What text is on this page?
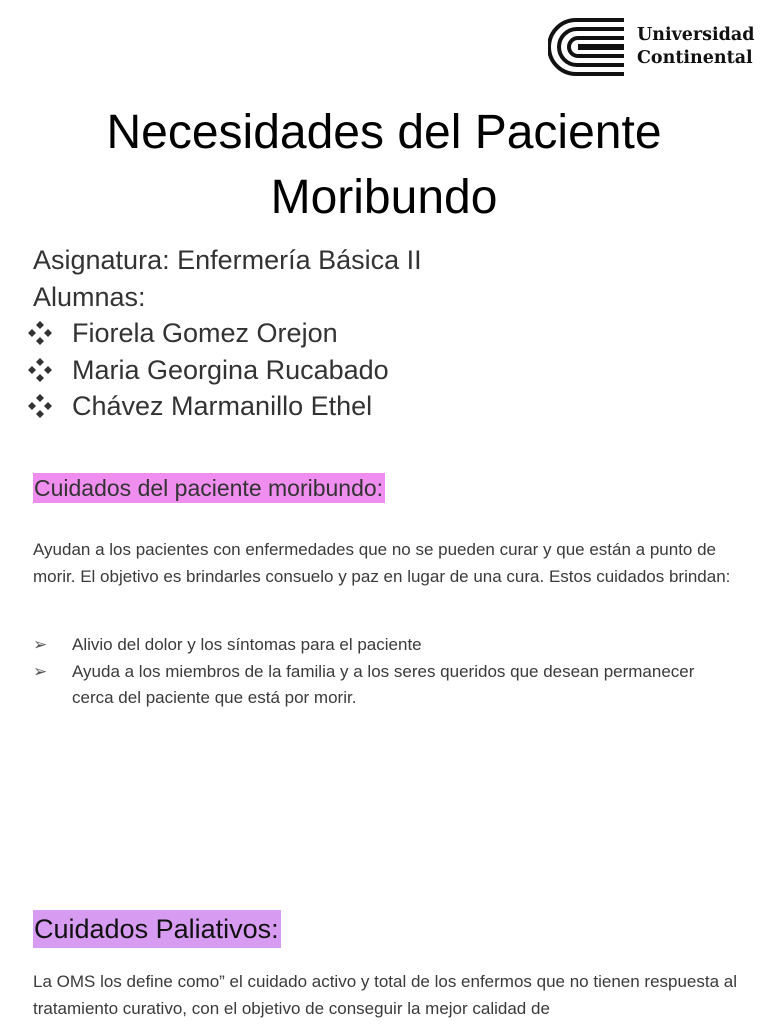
Universidad
Continental
Necesidades del Paciente
Moribundo
Asignatura: Enfermería Básica II
Alumnas:
Fiorela Gomez Orejon
Maria Georgina Rucabado
Chávez Marmanillo Ethel
Cuidados del paciente moribundo:

Ayudan a los pacientes con enfermedades que no se pueden curar y que están a punto de morir. El objetivo es brindarles consuelo y paz en lugar de una cura. Estos cuidados brindan:

➢	Alivio del dolor y los síntomas para el paciente
➢	Ayuda a los miembros de la familia y a los seres queridos que desean permanecer cerca del paciente que está por morir.
Cuidados Paliativos:

La OMS los define como” el cuidado activo y total de los enfermos que no tienen respuesta al tratamiento curativo, con el objetivo de conseguir la mejor calidad de
